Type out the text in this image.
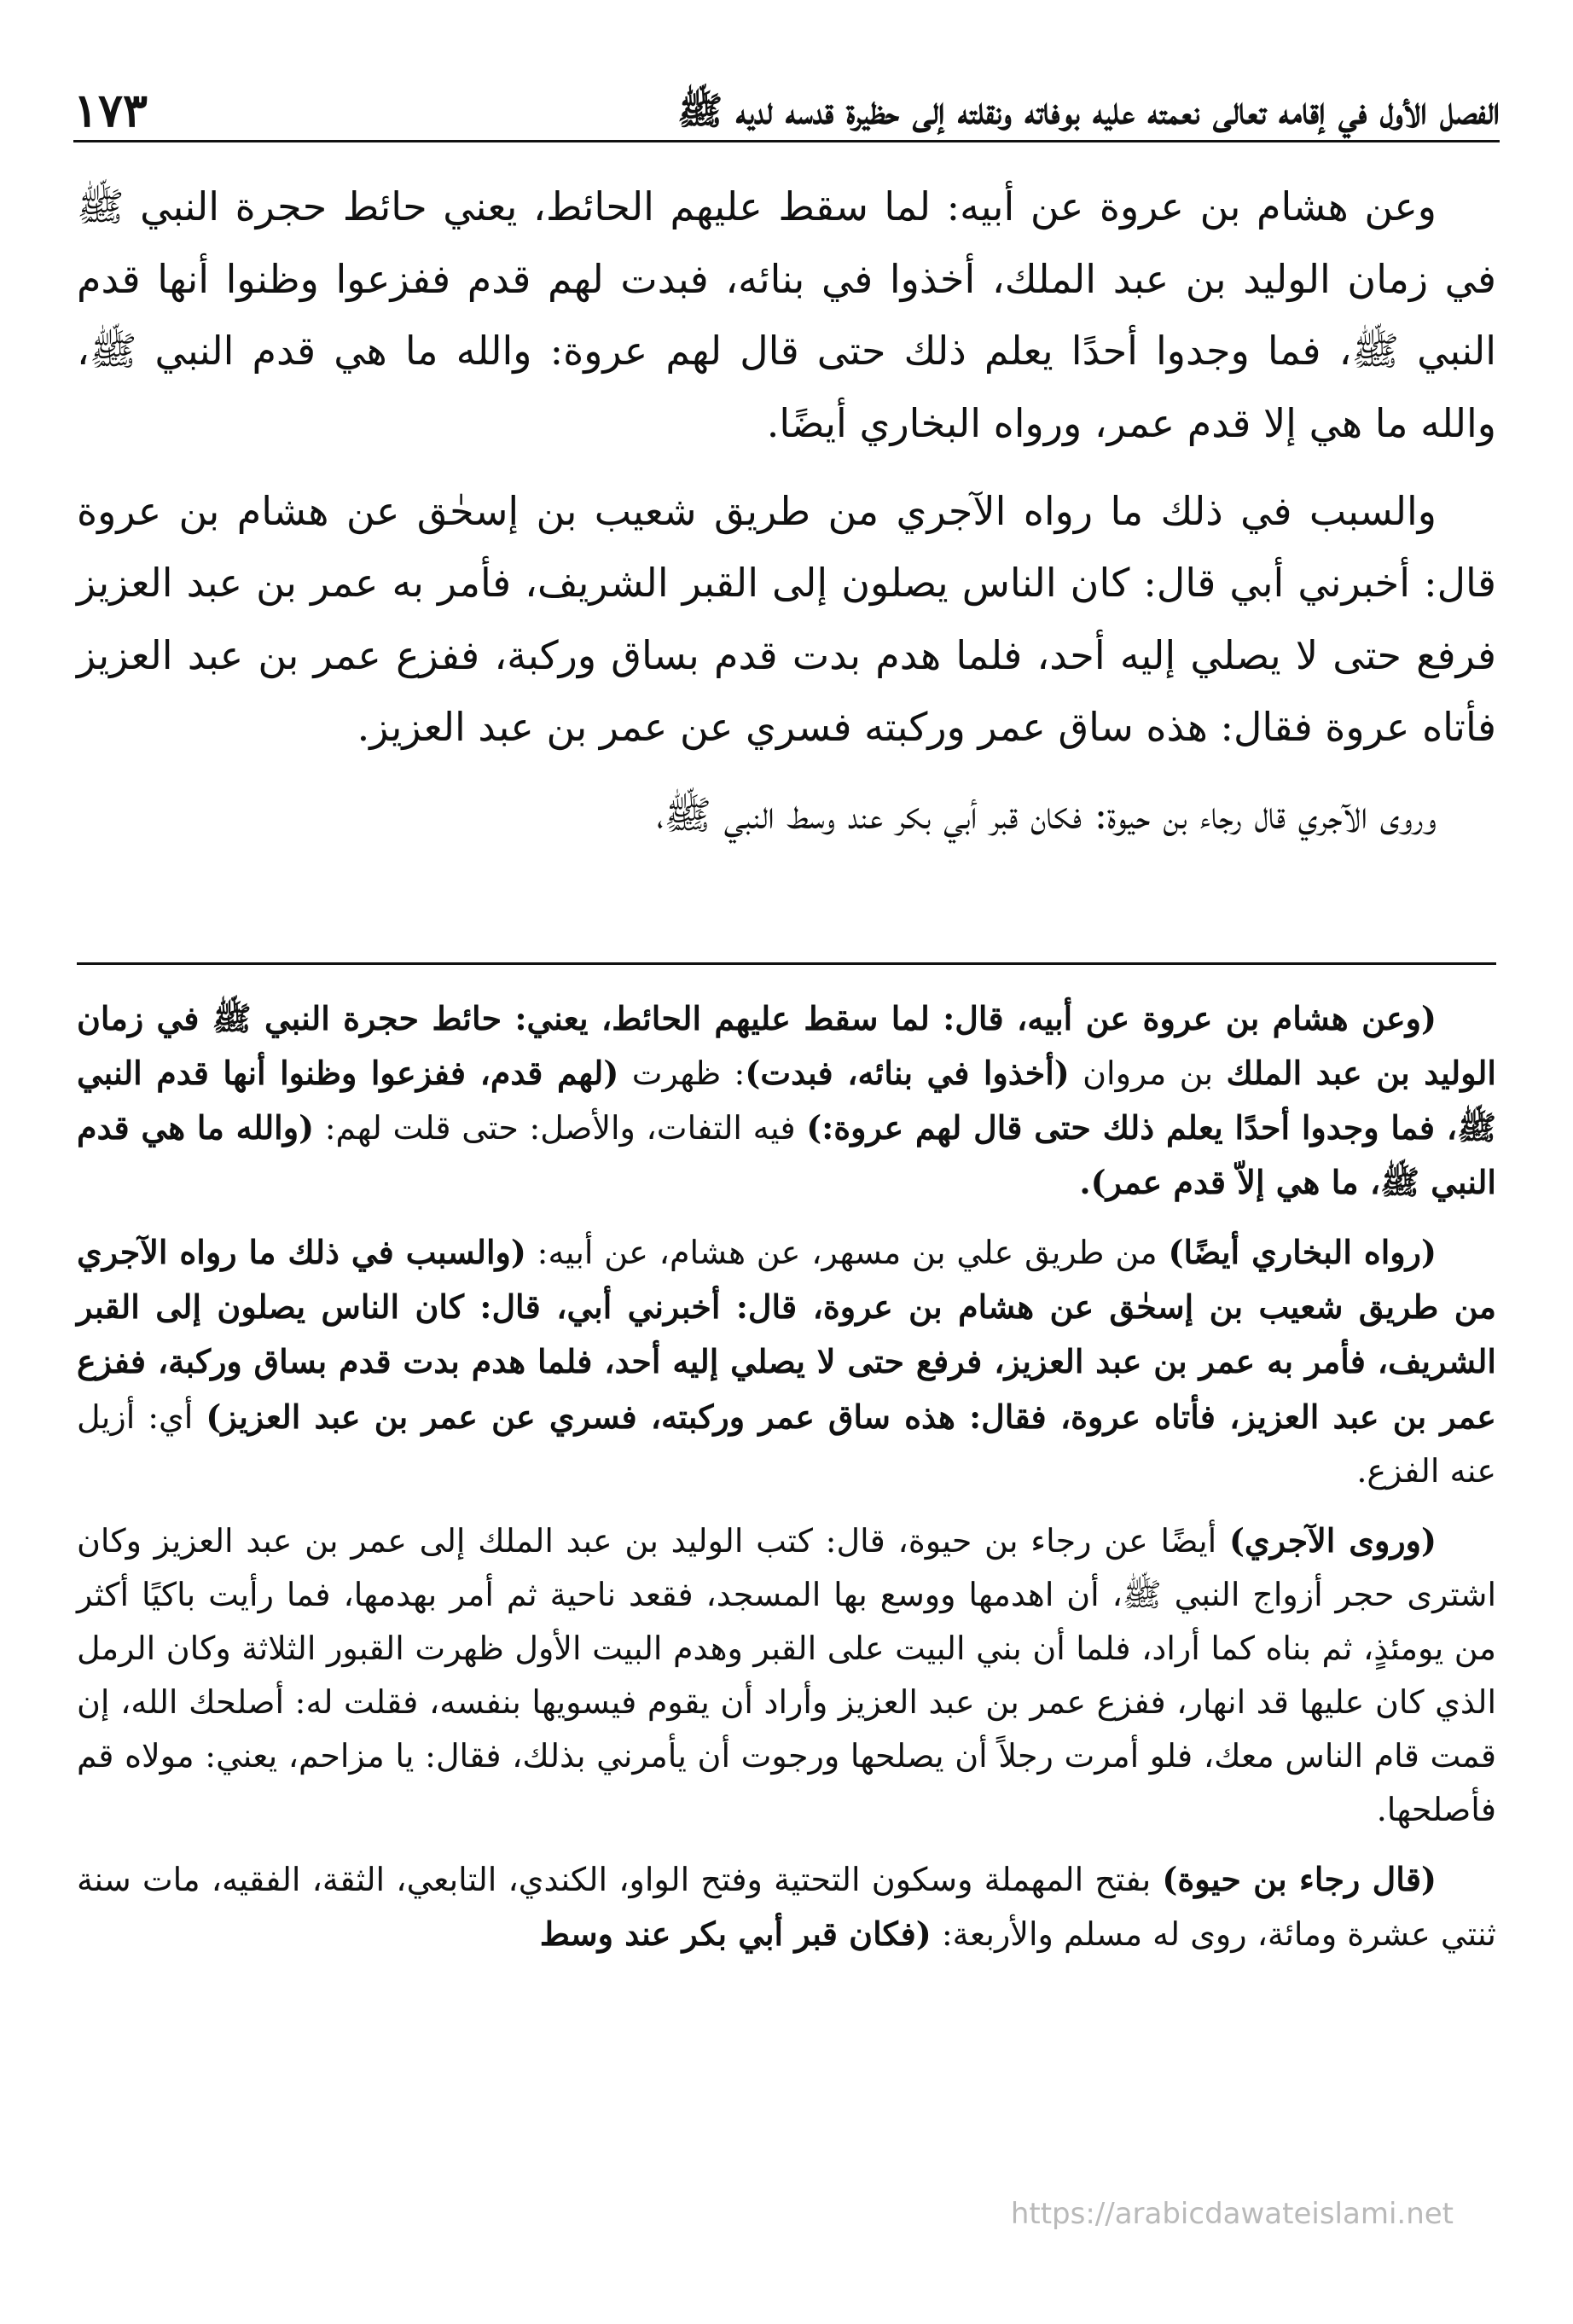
الفصل الأول في إقامه تعالى نعمته عليه بوفاته ونقلته إلى حظيرة قدسه لديه ﷺ
١٧٣

وعن هشام بن عروة عن أبيه: لما سقط عليهم الحائط، يعني حائط حجرة النبي ﷺ في زمان الوليد بن عبد الملك، أخذوا في بنائه، فبدت لهم قدم ففزعوا وظنوا أنها قدم النبي ﷺ، فما وجدوا أحدًا يعلم ذلك حتى قال لهم عروة: والله ما هي قدم النبي ﷺ، والله ما هي إلا قدم عمر، ورواه البخاري أيضًا.

والسبب في ذلك ما رواه الآجري من طريق شعيب بن إسحٰق عن هشام بن عروة قال: أخبرني أبي قال: كان الناس يصلون إلى القبر الشريف، فأمر به عمر بن عبد العزيز فرفع حتى لا يصلي إليه أحد، فلما هدم بدت قدم بساق وركبة، ففزع عمر بن عبد العزيز فأتاه عروة فقال: هذه ساق عمر وركبته فسري عن عمر بن عبد العزيز.

وروى الآجري قال رجاء بن حيوة: فكان قبر أبي بكر عند وسط النبي ﷺ،

(وعن هشام بن عروة عن أبيه، قال: لما سقط عليهم الحائط، يعني: حائط حجرة النبي ﷺ في زمان الوليد بن عبد الملك بن مروان (أخذوا في بنائه، فبدت): ظهرت (لهم قدم، ففزعوا وظنوا أنها قدم النبي ﷺ، فما وجدوا أحدًا يعلم ذلك حتى قال لهم عروة:) فيه التفات، والأصل: حتى قلت لهم: (والله ما هي قدم النبي ﷺ، ما هي إلاّ قدم عمر).

(رواه البخاري أيضًا) من طريق علي بن مسهر، عن هشام، عن أبيه: (والسبب في ذلك ما رواه الآجري من طريق شعيب بن إسحٰق عن هشام بن عروة، قال: أخبرني أبي، قال: كان الناس يصلون إلى القبر الشريف، فأمر به عمر بن عبد العزيز، فرفع حتى لا يصلي إليه أحد، فلما هدم بدت قدم بساق وركبة، ففزع عمر بن عبد العزيز، فأتاه عروة، فقال: هذه ساق عمر وركبته، فسري عن عمر بن عبد العزيز) أي: أزيل عنه الفزع.

(وروى الآجري) أيضًا عن رجاء بن حيوة، قال: كتب الوليد بن عبد الملك إلى عمر بن عبد العزيز وكان اشترى حجر أزواج النبي ﷺ، أن اهدمها ووسع بها المسجد، فقعد ناحية ثم أمر بهدمها، فما رأيت باكيًا أكثر من يومئذٍ، ثم بناه كما أراد، فلما أن بني البيت على القبر وهدم البيت الأول ظهرت القبور الثلاثة وكان الرمل الذي كان عليها قد انهار، ففزع عمر بن عبد العزيز وأراد أن يقوم فيسويها بنفسه، فقلت له: أصلحك الله، إن قمت قام الناس معك، فلو أمرت رجلاً أن يصلحها ورجوت أن يأمرني بذلك، فقال: يا مزاحم، يعني: مولاه قم فأصلحها.

(قال رجاء بن حيوة) بفتح المهملة وسكون التحتية وفتح الواو، الكندي، التابعي، الثقة، الفقيه، مات سنة ثنتي عشرة ومائة، روى له مسلم والأربعة: (فكان قبر أبي بكر عند وسط

https://arabicdawateislami.net
